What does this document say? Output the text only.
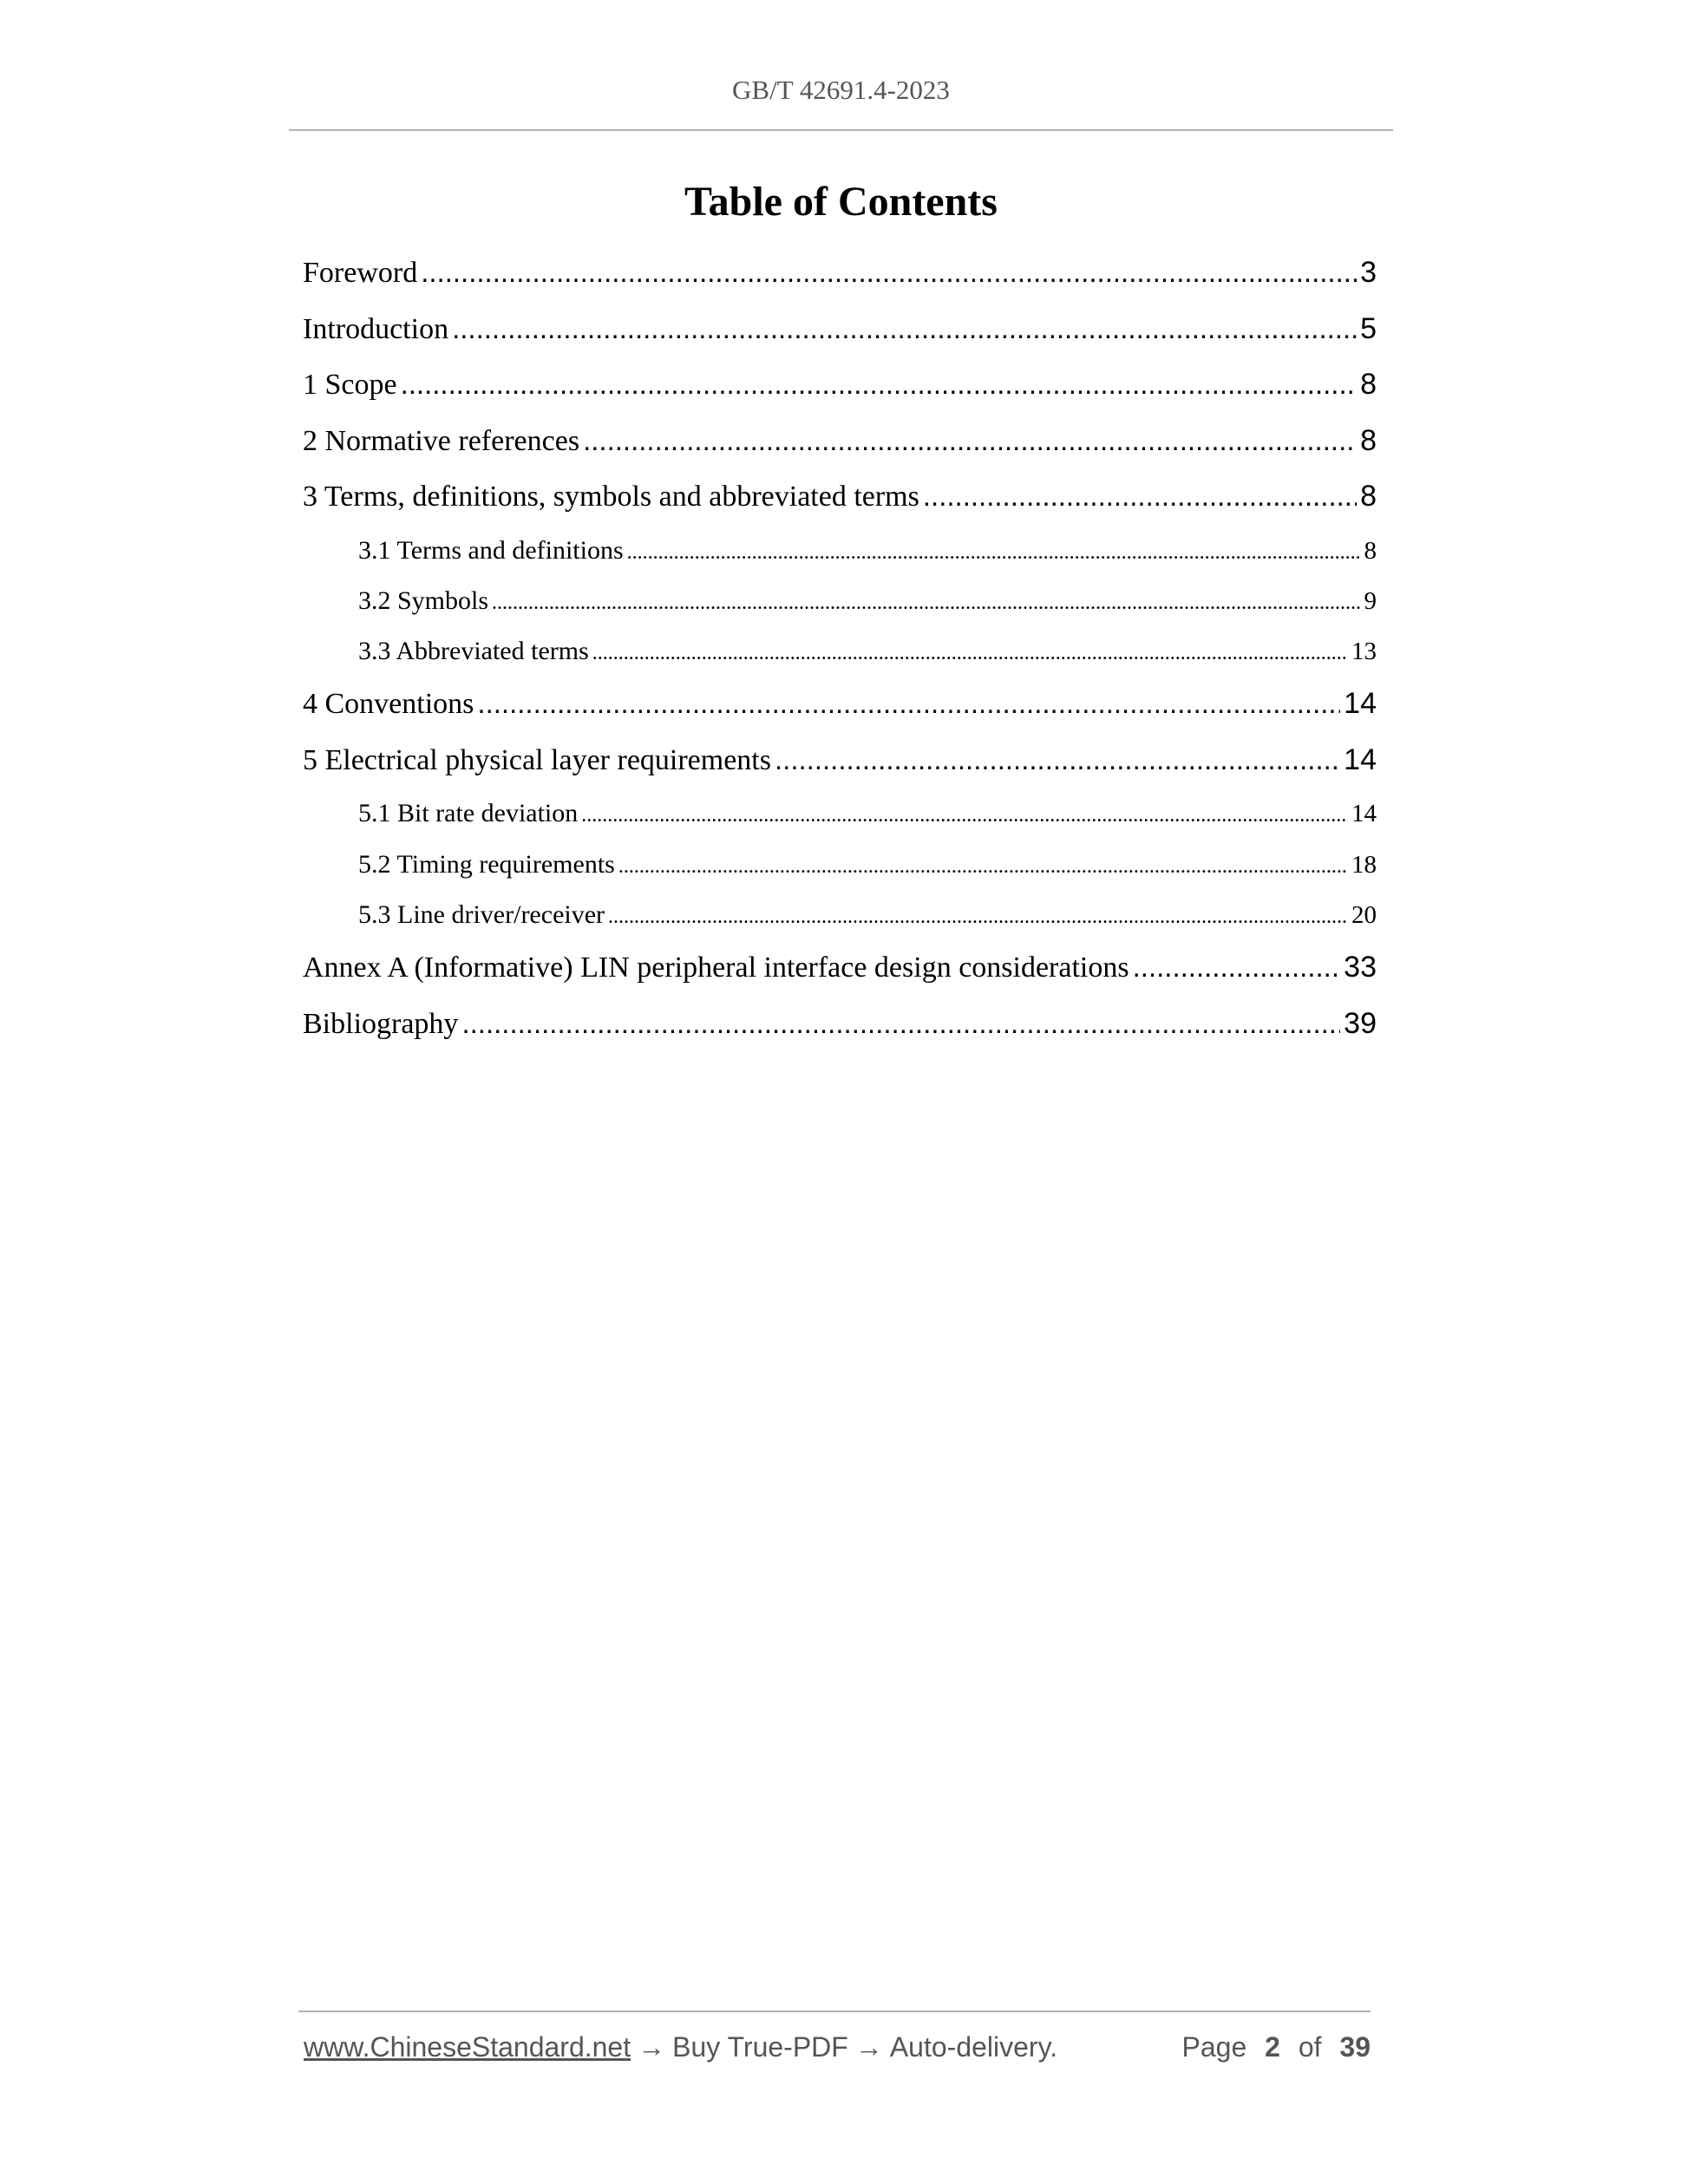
GB/T 42691.4-2023
Table of Contents
Foreword .....	3
Introduction .....	5
1 Scope .....	8
2 Normative references .....	8
3 Terms, definitions, symbols and abbreviated terms .....	8
3.1 Terms and definitions .....	8
3.2 Symbols .....	9
3.3 Abbreviated terms .....	13
4 Conventions .....	14
5 Electrical physical layer requirements .....	14
5.1 Bit rate deviation .....	14
5.2 Timing requirements .....	18
5.3 Line driver/receiver .....	20
Annex A (Informative) LIN peripheral interface design considerations .....	33
Bibliography .....	39
www.ChineseStandard.net → Buy True-PDF → Auto-delivery.	Page 2 of 39
